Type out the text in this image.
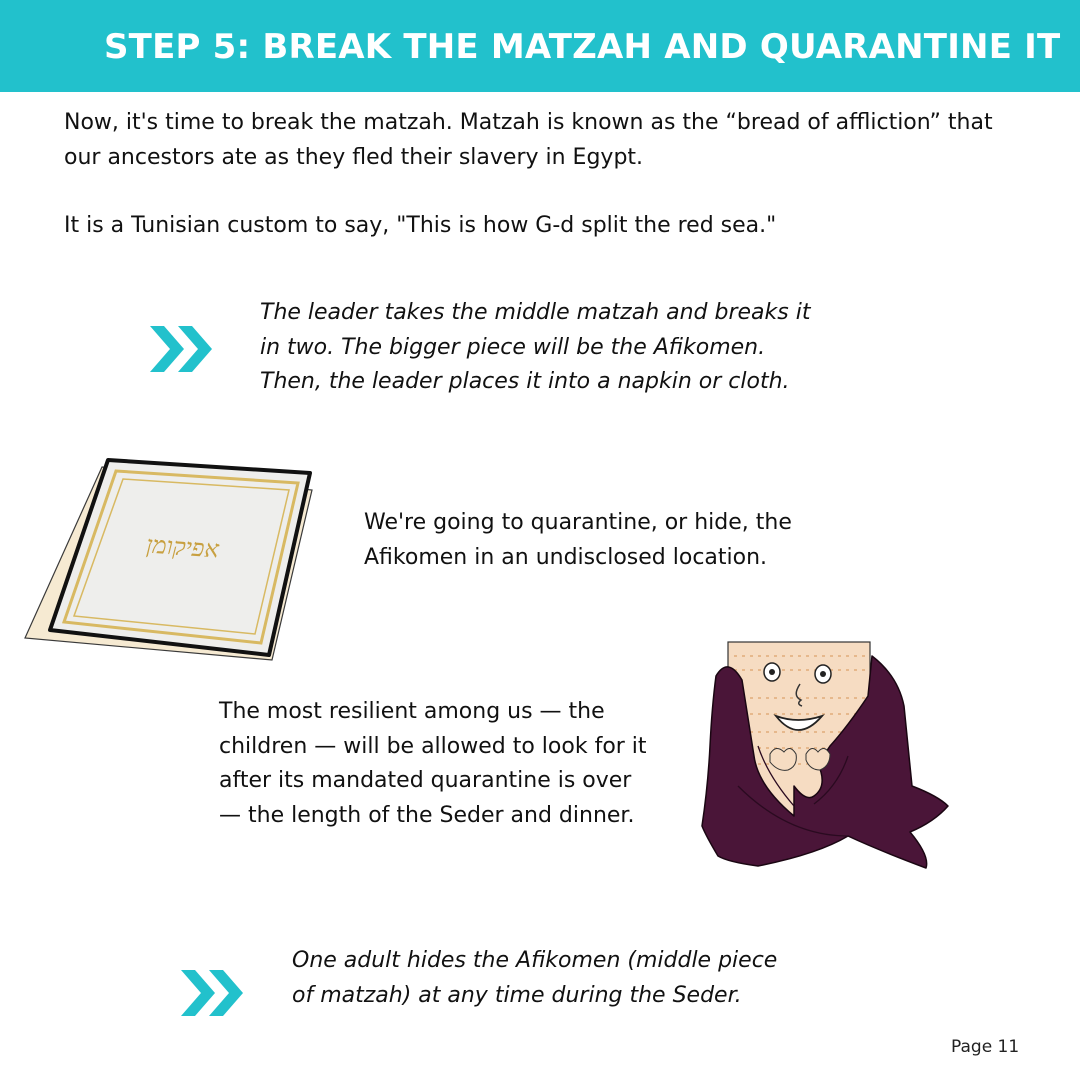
STEP 5: BREAK THE MATZAH AND QUARANTINE IT

Now, it's time to break the matzah. Matzah is known as the “bread of affliction” that our ancestors ate as they fled their slavery in Egypt.

It is a Tunisian custom to say, "This is how G-d split the red sea."

The leader takes the middle matzah and breaks it in two. The bigger piece will be the Afikomen. Then, the leader places it into a napkin or cloth.

אפיקומן

We're going to quarantine, or hide, the Afikomen in an undisclosed location.

The most resilient among us — the children — will be allowed to look for it after its mandated quarantine is over — the length of the Seder and dinner.

One adult hides the Afikomen (middle piece of matzah) at any time during the Seder.

Page 11
